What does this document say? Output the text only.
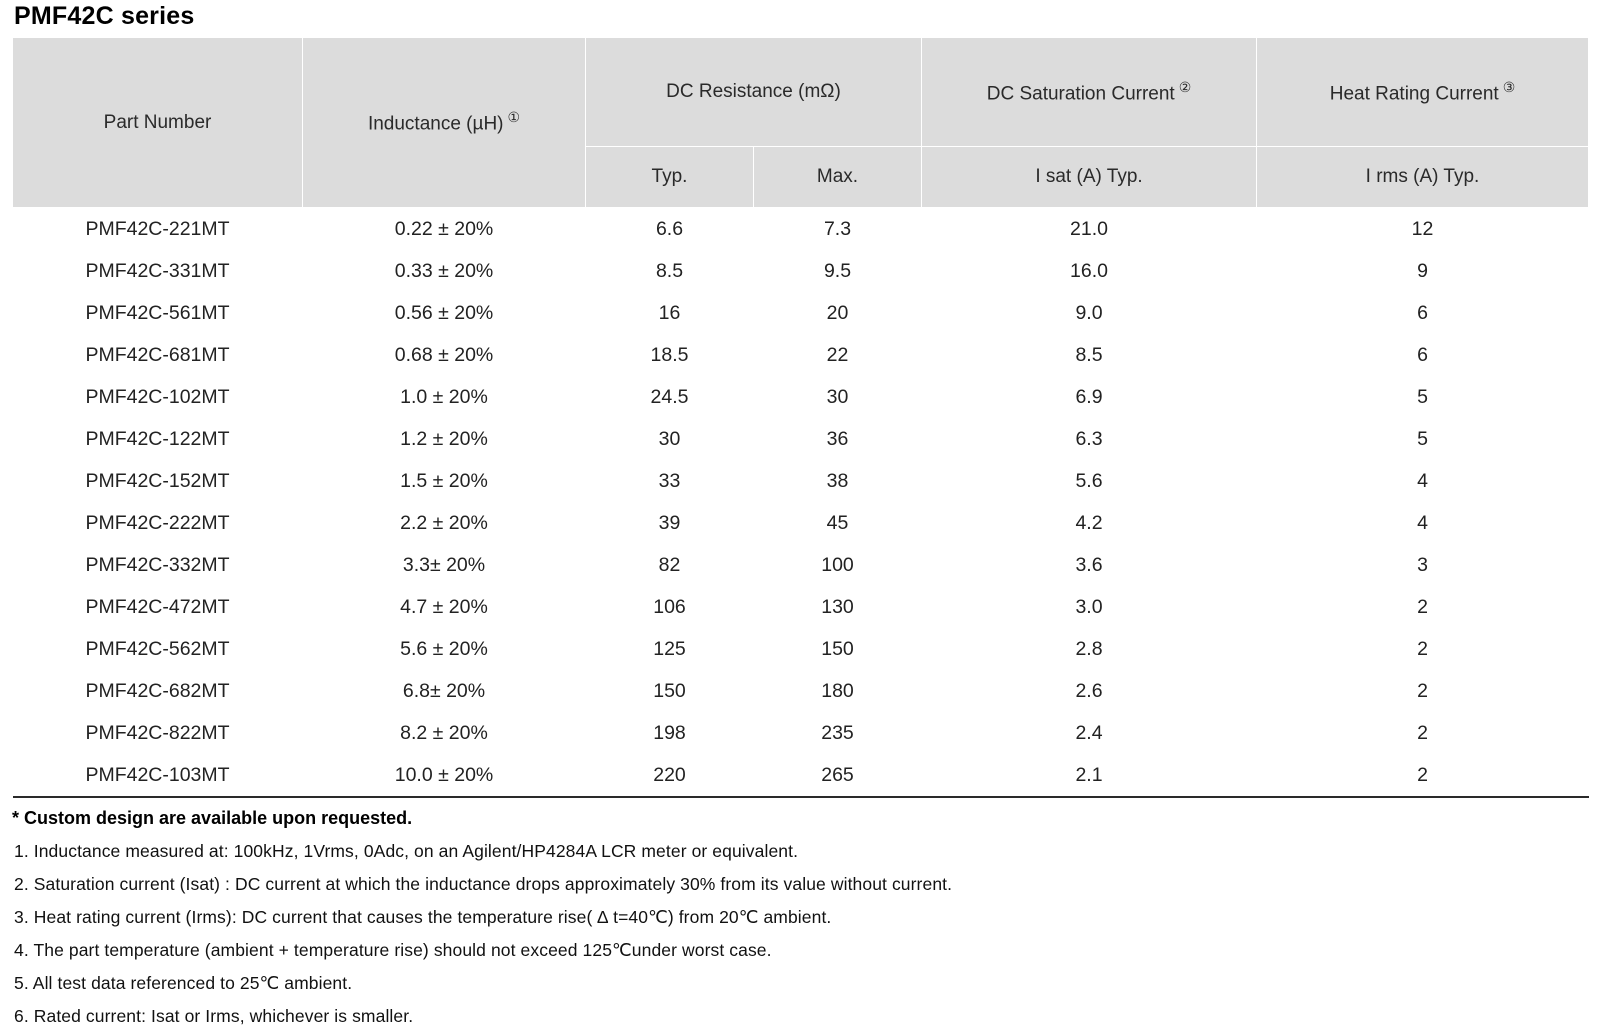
PMF42C series
Part Number	Inductance (µH) ①	DC Resistance (mΩ)		DC Saturation Current ②	Heat Rating Current ③

		Typ.	Max.	I sat (A) Typ.	I rms (A) Typ.
PMF42C-221MT	0.22 ± 20%	6.6	7.3	21.0	12
PMF42C-331MT	0.33 ± 20%	8.5	9.5	16.0	9
PMF42C-561MT	0.56 ± 20%	16	20	9.0	6
PMF42C-681MT	0.68 ± 20%	18.5	22	8.5	6
PMF42C-102MT	1.0 ± 20%	24.5	30	6.9	5
PMF42C-122MT	1.2 ± 20%	30	36	6.3	5
PMF42C-152MT	1.5 ± 20%	33	38	5.6	4
PMF42C-222MT	2.2 ± 20%	39	45	4.2	4
PMF42C-332MT	3.3± 20%	82	100	3.6	3
PMF42C-472MT	4.7 ± 20%	106	130	3.0	2
PMF42C-562MT	5.6 ± 20%	125	150	2.8	2
PMF42C-682MT	6.8± 20%	150	180	2.6	2
PMF42C-822MT	8.2 ± 20%	198	235	2.4	2
PMF42C-103MT	10.0 ± 20%	220	265	2.1	2
* Custom design are available upon requested.
1. Inductance measured at: 100kHz, 1Vrms, 0Adc, on an Agilent/HP4284A LCR meter or equivalent.
2. Saturation current (Isat) : DC current at which the inductance drops approximately 30% from its value without current.
3. Heat rating current (Irms): DC current that causes the temperature rise( ∆ t=40℃) from 20℃ ambient.
4. The part temperature (ambient + temperature rise) should not exceed 125℃under worst case.
5. All test data referenced to 25℃ ambient.
6. Rated current: Isat or Irms, whichever is smaller.
